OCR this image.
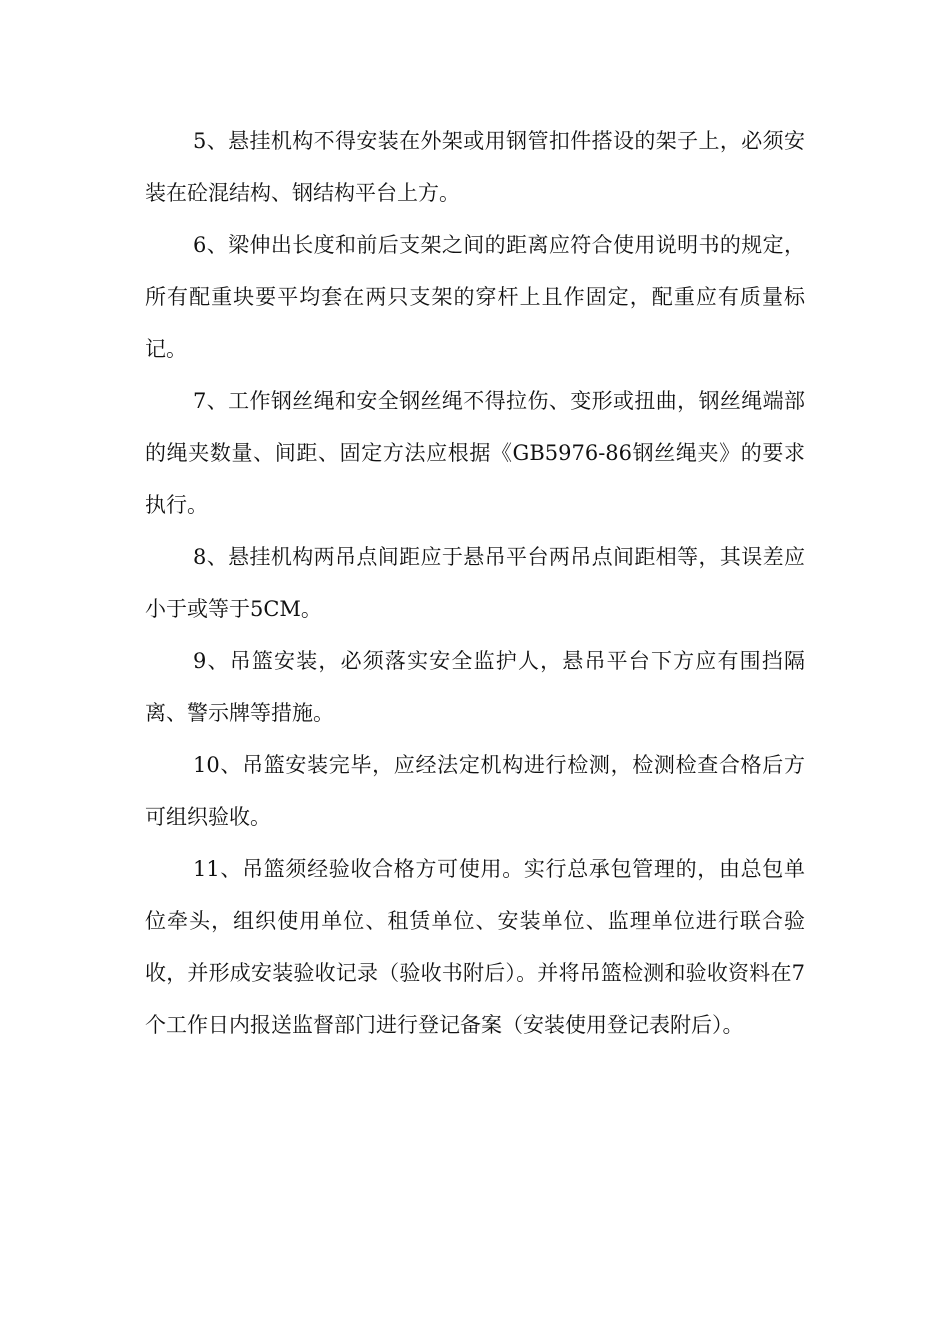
5、悬挂机构不得安装在外架或用钢管扣件搭设的架子上，必须安装在砼混结构、钢结构平台上方。

6、梁伸出长度和前后支架之间的距离应符合使用说明书的规定，所有配重块要平均套在两只支架的穿杆上且作固定，配重应有质量标记。

7、工作钢丝绳和安全钢丝绳不得拉伤、变形或扭曲，钢丝绳端部的绳夹数量、间距、固定方法应根据《GB5976-86钢丝绳夹》的要求执行。

8、悬挂机构两吊点间距应于悬吊平台两吊点间距相等，其误差应小于或等于5CM。

9、吊篮安装，必须落实安全监护人，悬吊平台下方应有围挡隔离、警示牌等措施。

10、吊篮安装完毕，应经法定机构进行检测，检测检查合格后方可组织验收。

11、吊篮须经验收合格方可使用。实行总承包管理的，由总包单位牵头，组织使用单位、租赁单位、安装单位、监理单位进行联合验收，并形成安装验收记录（验收书附后）。并将吊篮检测和验收资料在7个工作日内报送监督部门进行登记备案（安装使用登记表附后）。
